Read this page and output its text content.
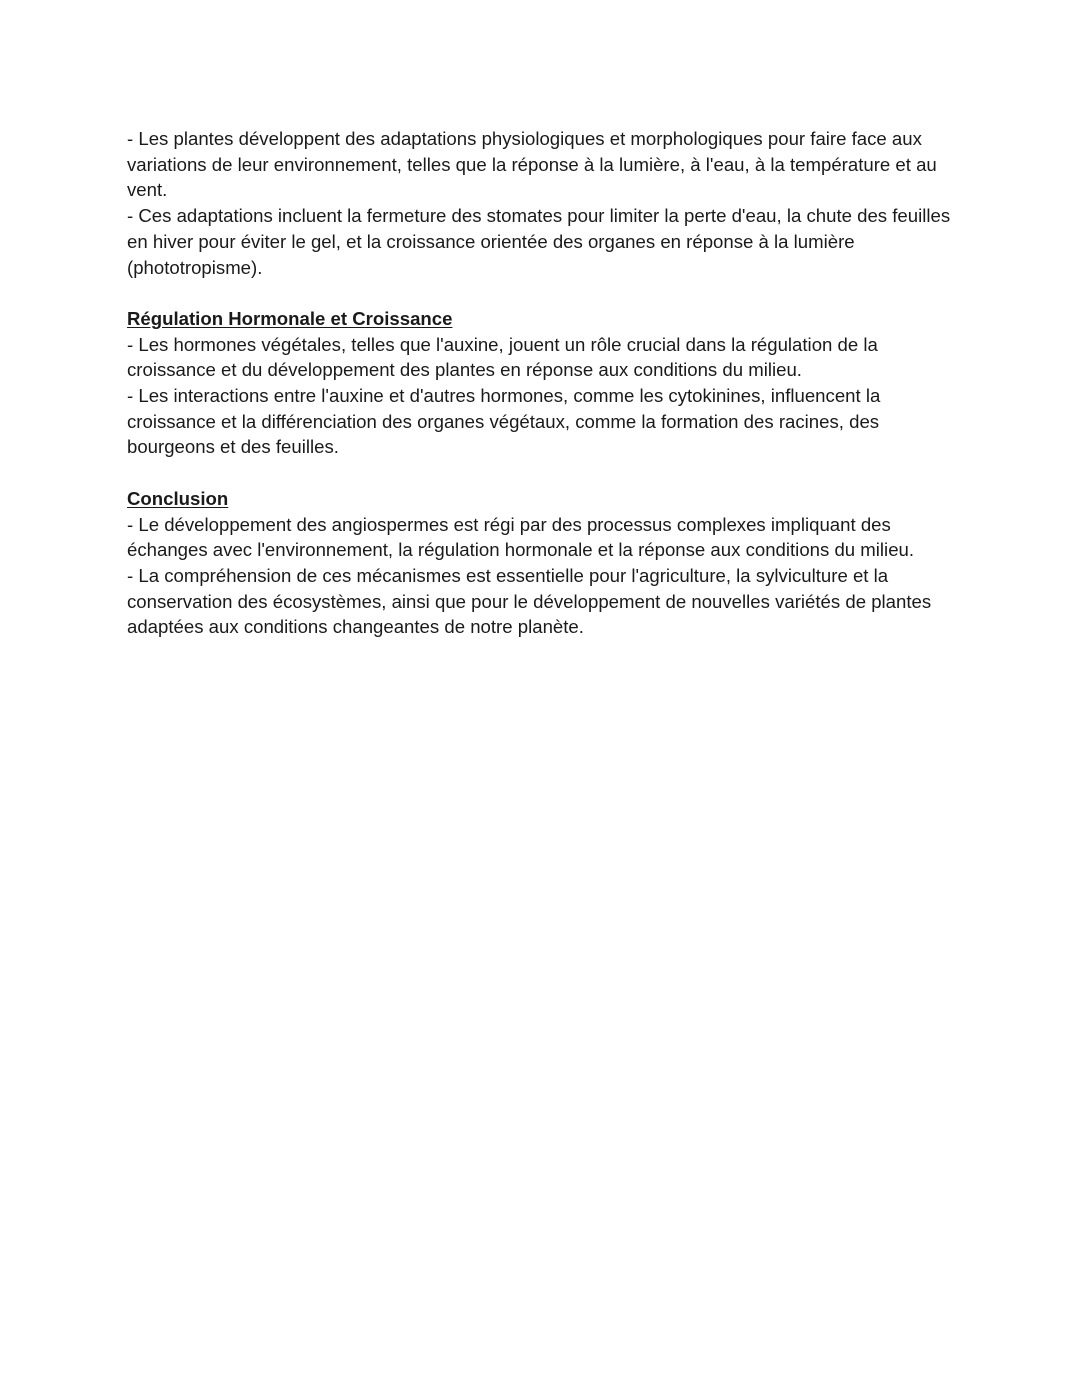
- Les plantes développent des adaptations physiologiques et morphologiques pour faire face aux variations de leur environnement, telles que la réponse à la lumière, à l'eau, à la température et au vent.

- Ces adaptations incluent la fermeture des stomates pour limiter la perte d'eau, la chute des feuilles en hiver pour éviter le gel, et la croissance orientée des organes en réponse à la lumière (phototropisme).

Régulation Hormonale et Croissance

- Les hormones végétales, telles que l'auxine, jouent un rôle crucial dans la régulation de la croissance et du développement des plantes en réponse aux conditions du milieu.

- Les interactions entre l'auxine et d'autres hormones, comme les cytokinines, influencent la croissance et la différenciation des organes végétaux, comme la formation des racines, des bourgeons et des feuilles.

Conclusion

- Le développement des angiospermes est régi par des processus complexes impliquant des échanges avec l'environnement, la régulation hormonale et la réponse aux conditions du milieu.

- La compréhension de ces mécanismes est essentielle pour l'agriculture, la sylviculture et la conservation des écosystèmes, ainsi que pour le développement de nouvelles variétés de plantes adaptées aux conditions changeantes de notre planète.
